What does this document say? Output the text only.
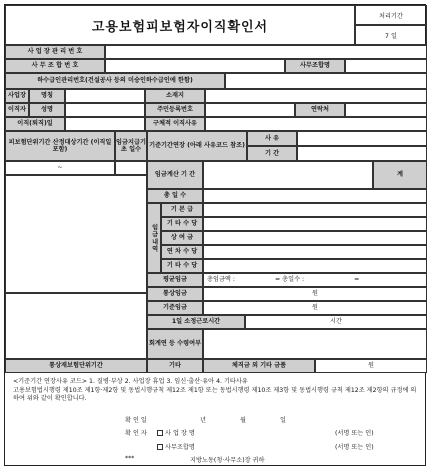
고용보험피보험자이직확인서
처리기간
7 일
사 업 장 관 리 번 호
사 무 조 합 번 호	사무조합명
하수급인관리번호(건설공사 등의 미승인하수급인에 한함)
사업장	명칭	소재지
이직자	성명	주민등록번호	연락처
이직(퇴직)일	구체적 이직사유
피보험단위기간 산정대상기간 (이직일 포함)
임금지급기초 일수
기준기간연장 (아래 사유코드 참조)
사 유
기 간
~
임금계산 기 간	계
총 일 수
임금내역
기 본 급
기 타 수 당
상 여 금
연 차 수 당
기 타 수 당
평균임금	총임금액 :	= 총일수 :	=
통상임금	원
기준임금	원
1일 소정근로시간	시간
회계연 등 수령여부
통상재보험단위기간	기타	체직금 외 기타 금품	원
<기준기간 연장사유 코드> 1. 질병·부상 2. 사업장 휴업 3. 임신·출산·유아 4. 기타사유
고용보험법시행령 제10조 제1항·제2항 및 동법시행규칙 제12조 제1항 또는 동법시행령 제10조 제3항 및 동법시행령 규칙 제12조 제2항의 규정에 의하여 위와 같이 확인합니다.
확 인 일	년	월	일
확 인 자	사 업 장 명	(서명 또는 인)
사무조합명	(서명 또는 인)
***	지방노동(청·사무소)장 귀하
